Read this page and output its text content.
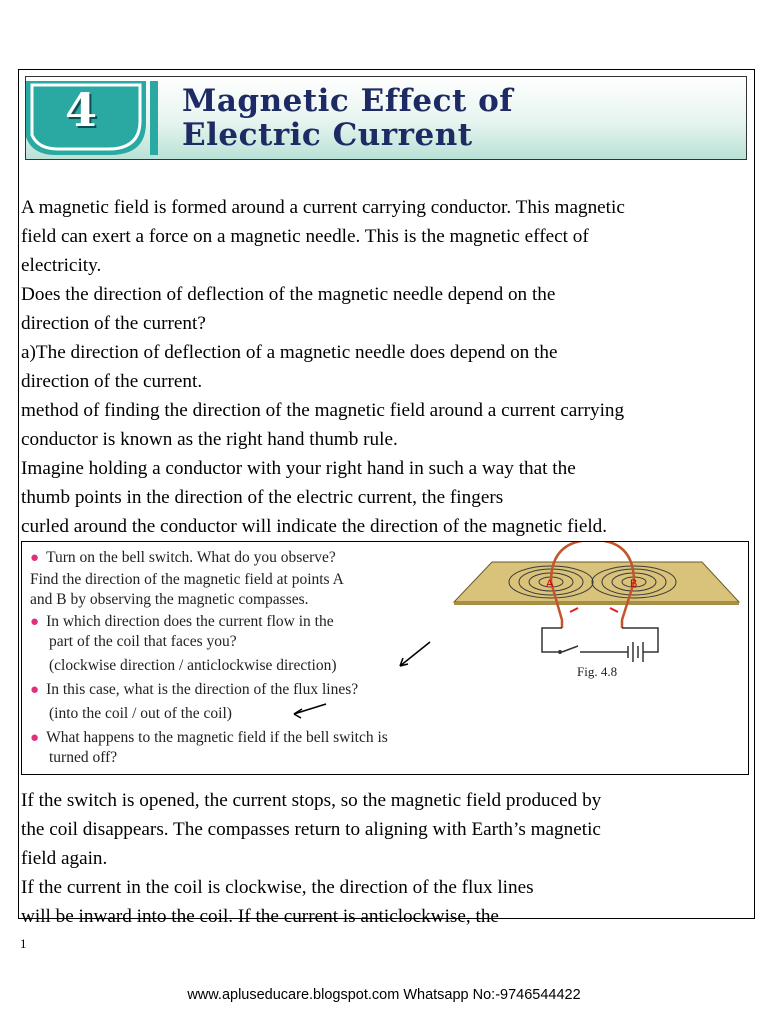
4	Magnetic Effect of
Electric Current

A magnetic field is formed around a current carrying conductor. This magnetic

field can exert a force on a magnetic needle. This is the magnetic effect of

electricity.

Does the direction of deflection of the magnetic needle depend on the

direction of the current?

a)The direction of deflection of a magnetic needle does depend on the

direction of the current.

method of finding the direction of the magnetic field around a current carrying

conductor is known as the right hand thumb rule.

Imagine holding a conductor with your right hand in such a way that the

thumb points in the direction of the electric current, the fingers

curled around the conductor will indicate the direction of the magnetic field.

● Turn on the bell switch. What do you observe?
Find the direction of the magnetic field at points A
and B by observing the magnetic compasses.
● In which direction does the current flow in the
part of the coil that faces you?
(clockwise direction / anticlockwise direction)
● In this case, what is the direction of the flux lines?
(into the coil / out of the coil)
● What happens to the magnetic field if the bell switch is
turned off?
A	B
Fig. 4.8

If the switch is opened, the current stops, so the magnetic field produced by

the coil disappears. The compasses return to aligning with Earth’s magnetic

field again.

If the current in the coil is clockwise, the direction of the flux lines

will be inward into the coil. If the current is anticlockwise, the

1
www.apluseducare.blogspot.com Whatsapp No:-9746544422
